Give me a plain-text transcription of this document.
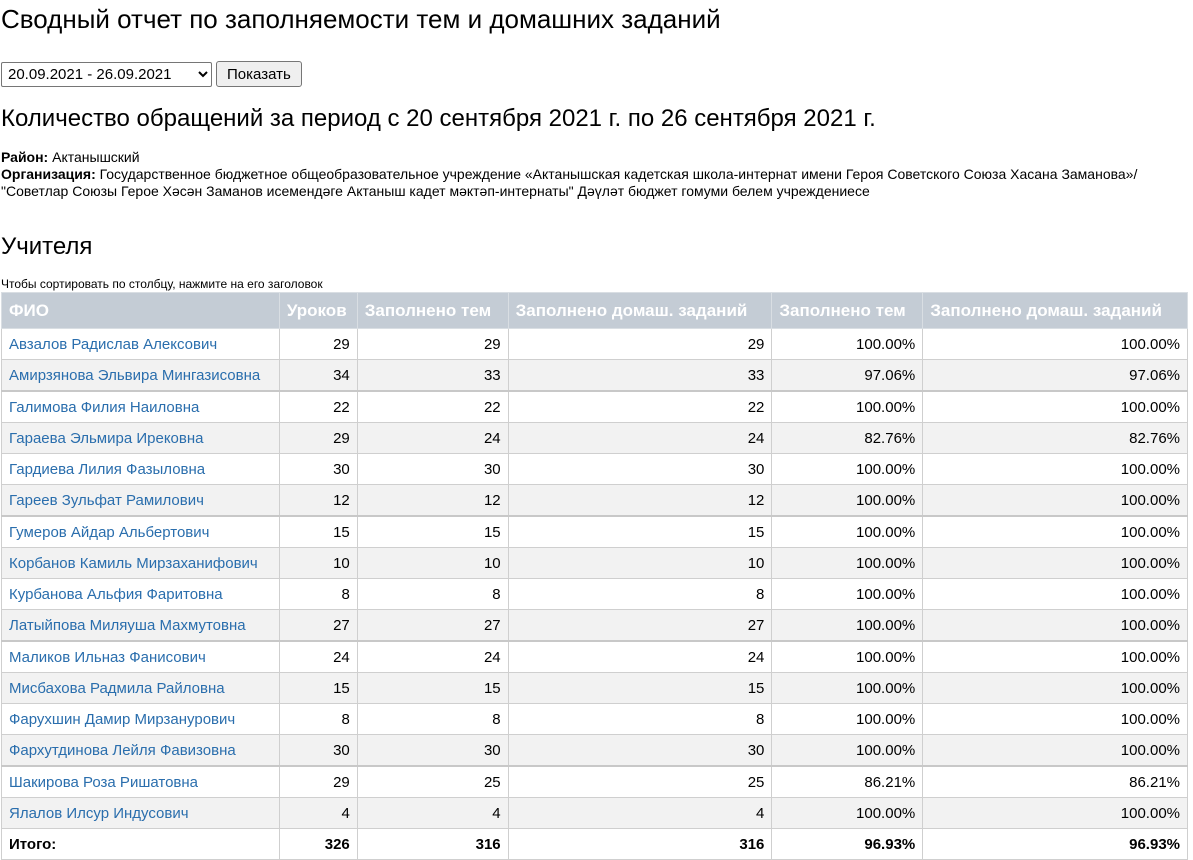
Сводный отчет по заполняемости тем и домашних заданий
20.09.2021 - 26.09.2021
Показать
Количество обращений за период с 20 сентября 2021 г. по 26 сентября 2021 г.
Район: Актанышский
Организация: Государственное бюджетное общеобразовательное учреждение «Актанышская кадетская школа-интернат имени Героя Советского Союза Хасана Заманова»/ "Советлар Союзы Герое Хәсән Заманов исемендәге Актаныш кадет мәктәп-интернаты" Дәүләт бюджет гомуми белем учреждениесе
Учителя
Чтобы сортировать по столбцу, нажмите на его заголовок
ФИО	Уроков	Заполнено тем	Заполнено домаш. заданий	Заполнено тем	Заполнено домаш. заданий
Авзалов Радислав Алексович	29	29	29	100.00%	100.00%
Амирзянова Эльвира Мингазисовна	34	33	33	97.06%	97.06%
Галимова Филия Наиловна	22	22	22	100.00%	100.00%
Гараева Эльмира Ирековна	29	24	24	82.76%	82.76%
Гардиева Лилия Фазыловна	30	30	30	100.00%	100.00%
Гареев Зульфат Рамилович	12	12	12	100.00%	100.00%
Гумеров Айдар Альбертович	15	15	15	100.00%	100.00%
Корбанов Камиль Мирзаханифович	10	10	10	100.00%	100.00%
Курбанова Альфия Фаритовна	8	8	8	100.00%	100.00%
Латыйпова Миляуша Махмутовна	27	27	27	100.00%	100.00%
Маликов Ильназ Фанисович	24	24	24	100.00%	100.00%
Мисбахова Радмила Райловна	15	15	15	100.00%	100.00%
Фарухшин Дамир Мирзанурович	8	8	8	100.00%	100.00%
Фархутдинова Лейля Фавизовна	30	30	30	100.00%	100.00%
Шакирова Роза Ришатовна	29	25	25	86.21%	86.21%
Ялалов Илсур Индусович	4	4	4	100.00%	100.00%
Итого:	326	316	316	96.93%	96.93%
